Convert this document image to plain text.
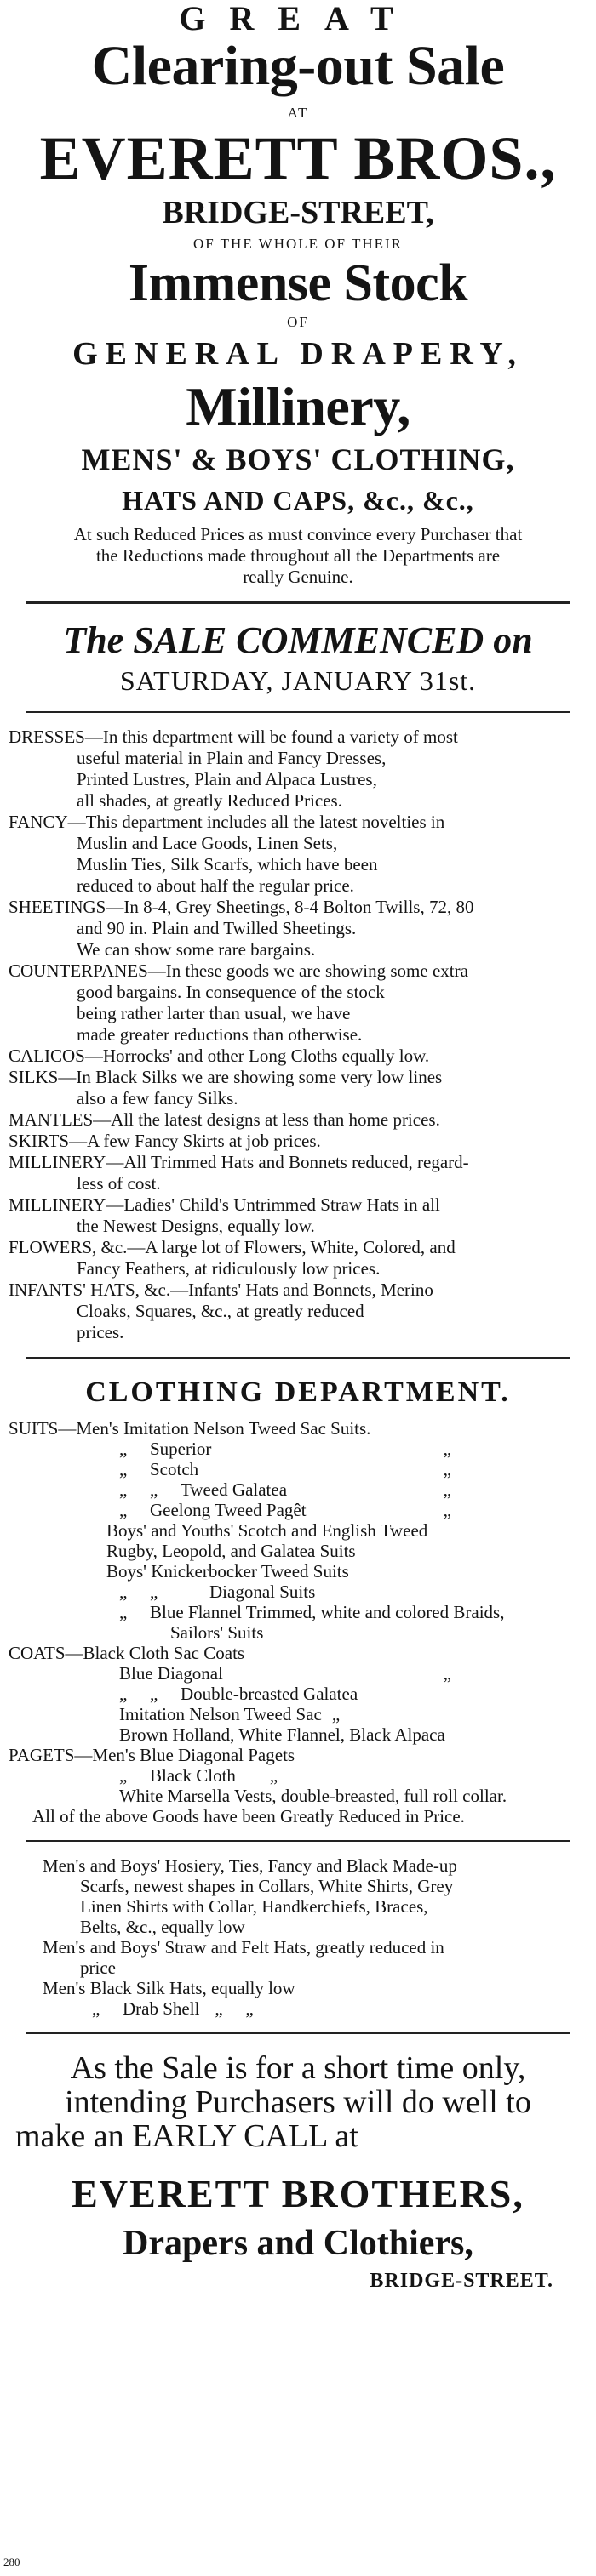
GREAT
Clearing-out Sale
AT
EVERETT BROS.,
BRIDGE-STREET,
OF THE WHOLE OF THEIR
Immense Stock
OF
GENERAL DRAPERY,
Millinery,
MENS' & BOYS' CLOTHING,
HATS AND CAPS, &c., &c.,
At such Reduced Prices as must convince every Purchaser that
the Reductions made throughout all the Departments are
really Genuine.
The SALE COMMENCED on
SATURDAY, JANUARY 31st.
DRESSES—In this department will be found a variety of most
useful material in Plain and Fancy Dresses,
Printed Lustres, Plain and Alpaca Lustres,
all shades, at greatly Reduced Prices.
FANCY—This department includes all the latest novelties in
Muslin and Lace Goods, Linen Sets,
Muslin Ties, Silk Scarfs, which have been
reduced to about half the regular price.
SHEETINGS—In 8-4, Grey Sheetings, 8-4 Bolton Twills, 72, 80
and 90 in. Plain and Twilled Sheetings.
We can show some rare bargains.
COUNTERPANES—In these goods we are showing some extra
good bargains. In consequence of the stock
being rather larter than usual, we have
made greater reductions than otherwise.
CALICOS—Horrocks' and other Long Cloths equally low.
SILKS—In Black Silks we are showing some very low lines
also a few fancy Silks.
MANTLES—All the latest designs at less than home prices.
SKIRTS—A few Fancy Skirts at job prices.
MILLINERY—All Trimmed Hats and Bonnets reduced, regard-
less of cost.
MILLINERY—Ladies' Child's Untrimmed Straw Hats in all
the Newest Designs, equally low.
FLOWERS, &c.—A large lot of Flowers, White, Colored, and
Fancy Feathers, at ridiculously low prices.
INFANTS' HATS, &c.—Infants' Hats and Bonnets, Merino
Cloaks, Squares, &c., at greatly reduced
prices.
CLOTHING DEPARTMENT.
SUITS—Men's Imitation Nelson Tweed Sac Suits.
„ Superior	„
„ Scotch	„
„ „ Tweed Galatea	„
„ Geelong Tweed Pagêt	„
Boys' and Youths' Scotch and English Tweed
Rugby, Leopold, and Galatea Suits
Boys' Knickerbocker Tweed Suits
„ „	Diagonal Suits
„ Blue Flannel Trimmed, white and colored Braids,
Sailors' Suits
COATS—Black Cloth Sac Coats
Blue Diagonal	„
„ „ Double-breasted Galatea
Imitation Nelson Tweed Sac „
Brown Holland, White Flannel, Black Alpaca
PAGETS—Men's Blue Diagonal Pagets
„ Black Cloth „
White Marsella Vests, double-breasted, full roll collar.
All of the above Goods have been Greatly Reduced in Price.
Men's and Boys' Hosiery, Ties, Fancy and Black Made-up
Scarfs, newest shapes in Collars, White Shirts, Grey
Linen Shirts with Collar, Handkerchiefs, Braces,
Belts, &c., equally low
Men's and Boys' Straw and Felt Hats, greatly reduced in
price
Men's Black Silk Hats, equally low
„ Drab Shell „ „
As the Sale is for a short time only,
intending Purchasers will do well to
make an EARLY CALL at
EVERETT BROTHERS,
Drapers and Clothiers,
BRIDGE-STREET.
280
